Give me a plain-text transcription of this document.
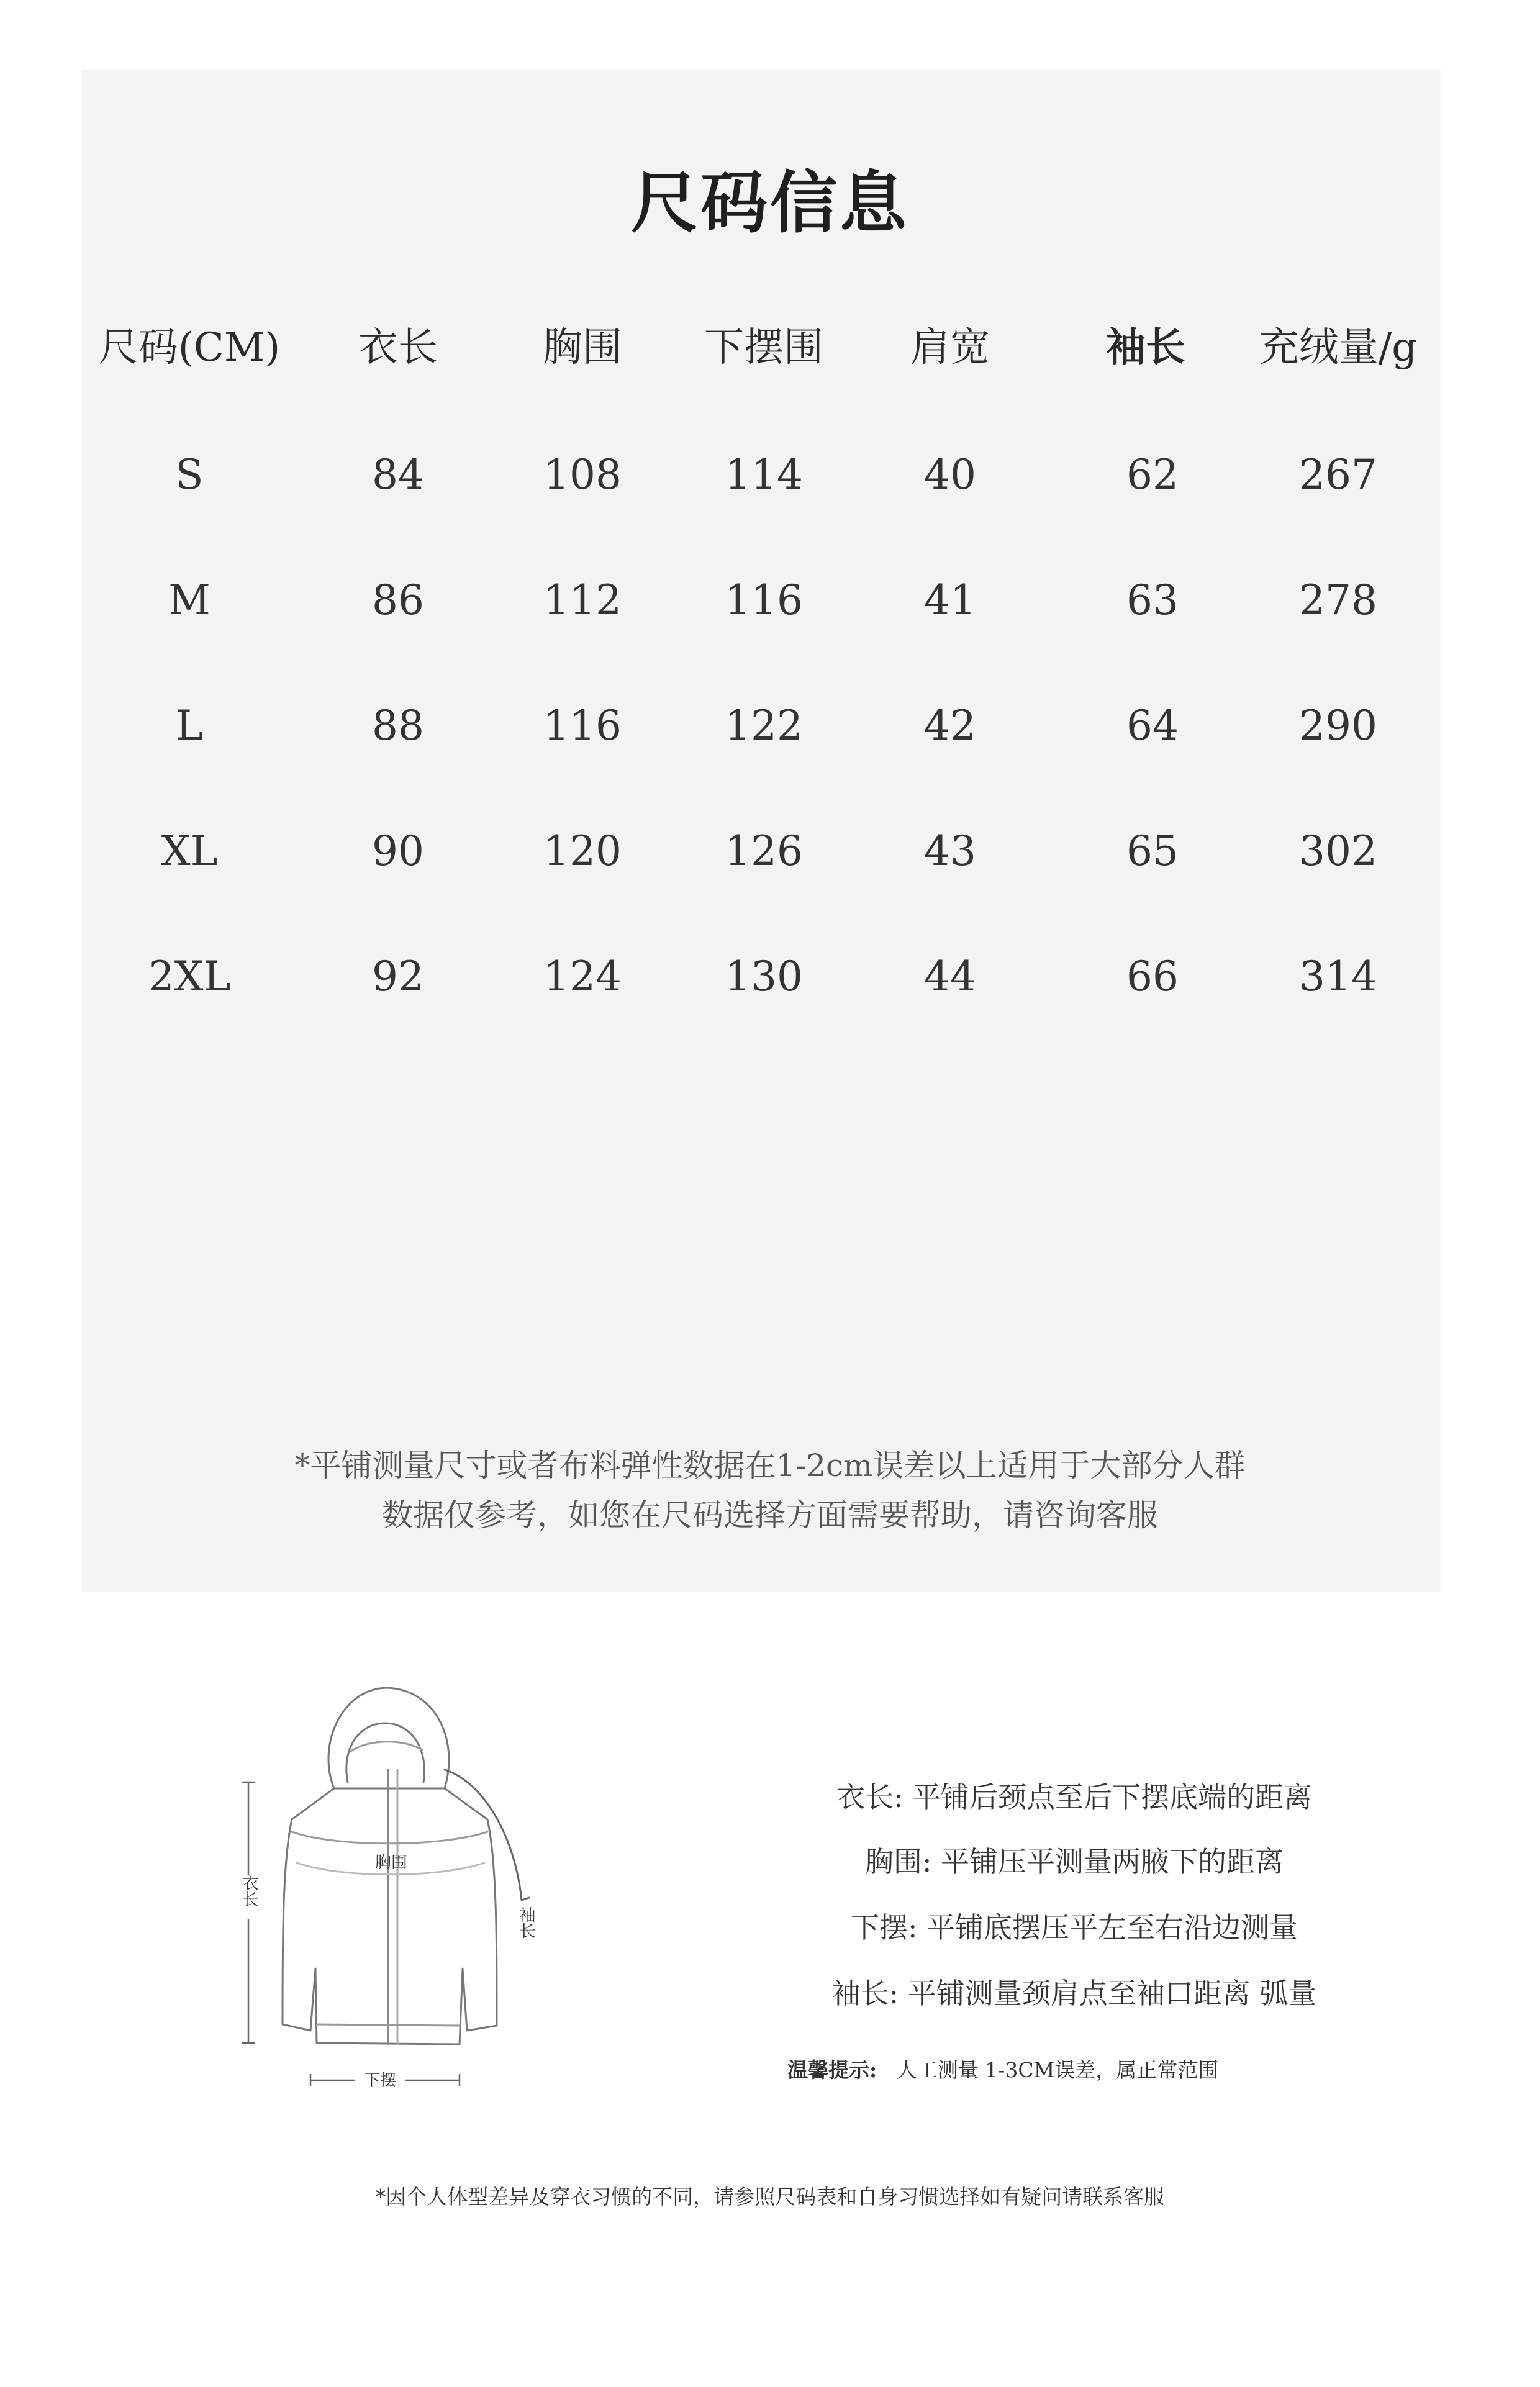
尺码信息
尺码(CM)	衣长	胸围	下摆围	肩宽	袖长	充绒量/g
S	84	108	114	40	62	267
M	86	112	116	41	63	278
L	88	116	122	42	64	290
XL	90	120	126	43	65	302
2XL	92	124	130	44	66	314
*平铺测量尺寸或者布料弹性数据在1-2cm误差以上适用于大部分人群
数据仅参考，如您在尺码选择方面需要帮助，请咨询客服
衣长
胸围
袖长
下摆
衣长: 平铺后颈点至后下摆底端的距离
胸围: 平铺压平测量两腋下的距离
下摆: 平铺底摆压平左至右沿边测量
袖长: 平铺测量颈肩点至袖口距离 弧量
温馨提示: 人工测量 1-3CM误差，属正常范围
*因个人体型差异及穿衣习惯的不同，请参照尺码表和自身习惯选择如有疑问请联系客服
